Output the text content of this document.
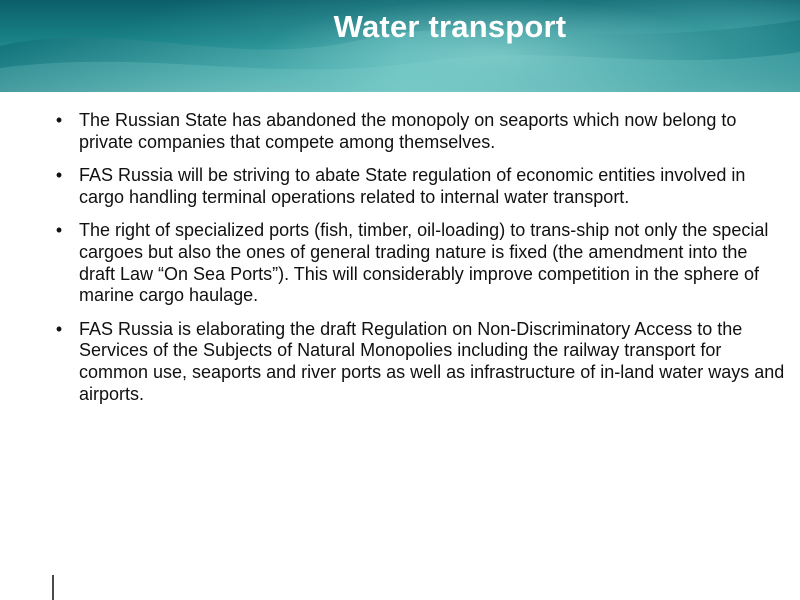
Water transport
• The Russian State has abandoned the monopoly on seaports which now belong to private companies that compete among themselves.
• FAS Russia will be striving to abate State regulation of economic entities involved in cargo handling terminal operations related to internal water transport.
• The right of specialized ports (fish, timber, oil-loading) to trans-ship not only the special cargoes but also the ones of general trading nature is fixed (the amendment into the draft Law “On Sea Ports”). This will considerably improve competition in the sphere of marine cargo haulage.
• FAS Russia is elaborating the draft Regulation on Non-Discriminatory Access to the Services of the Subjects of Natural Monopolies including the railway transport for common use, seaports and river ports as well as infrastructure of in-land water ways and airports.
